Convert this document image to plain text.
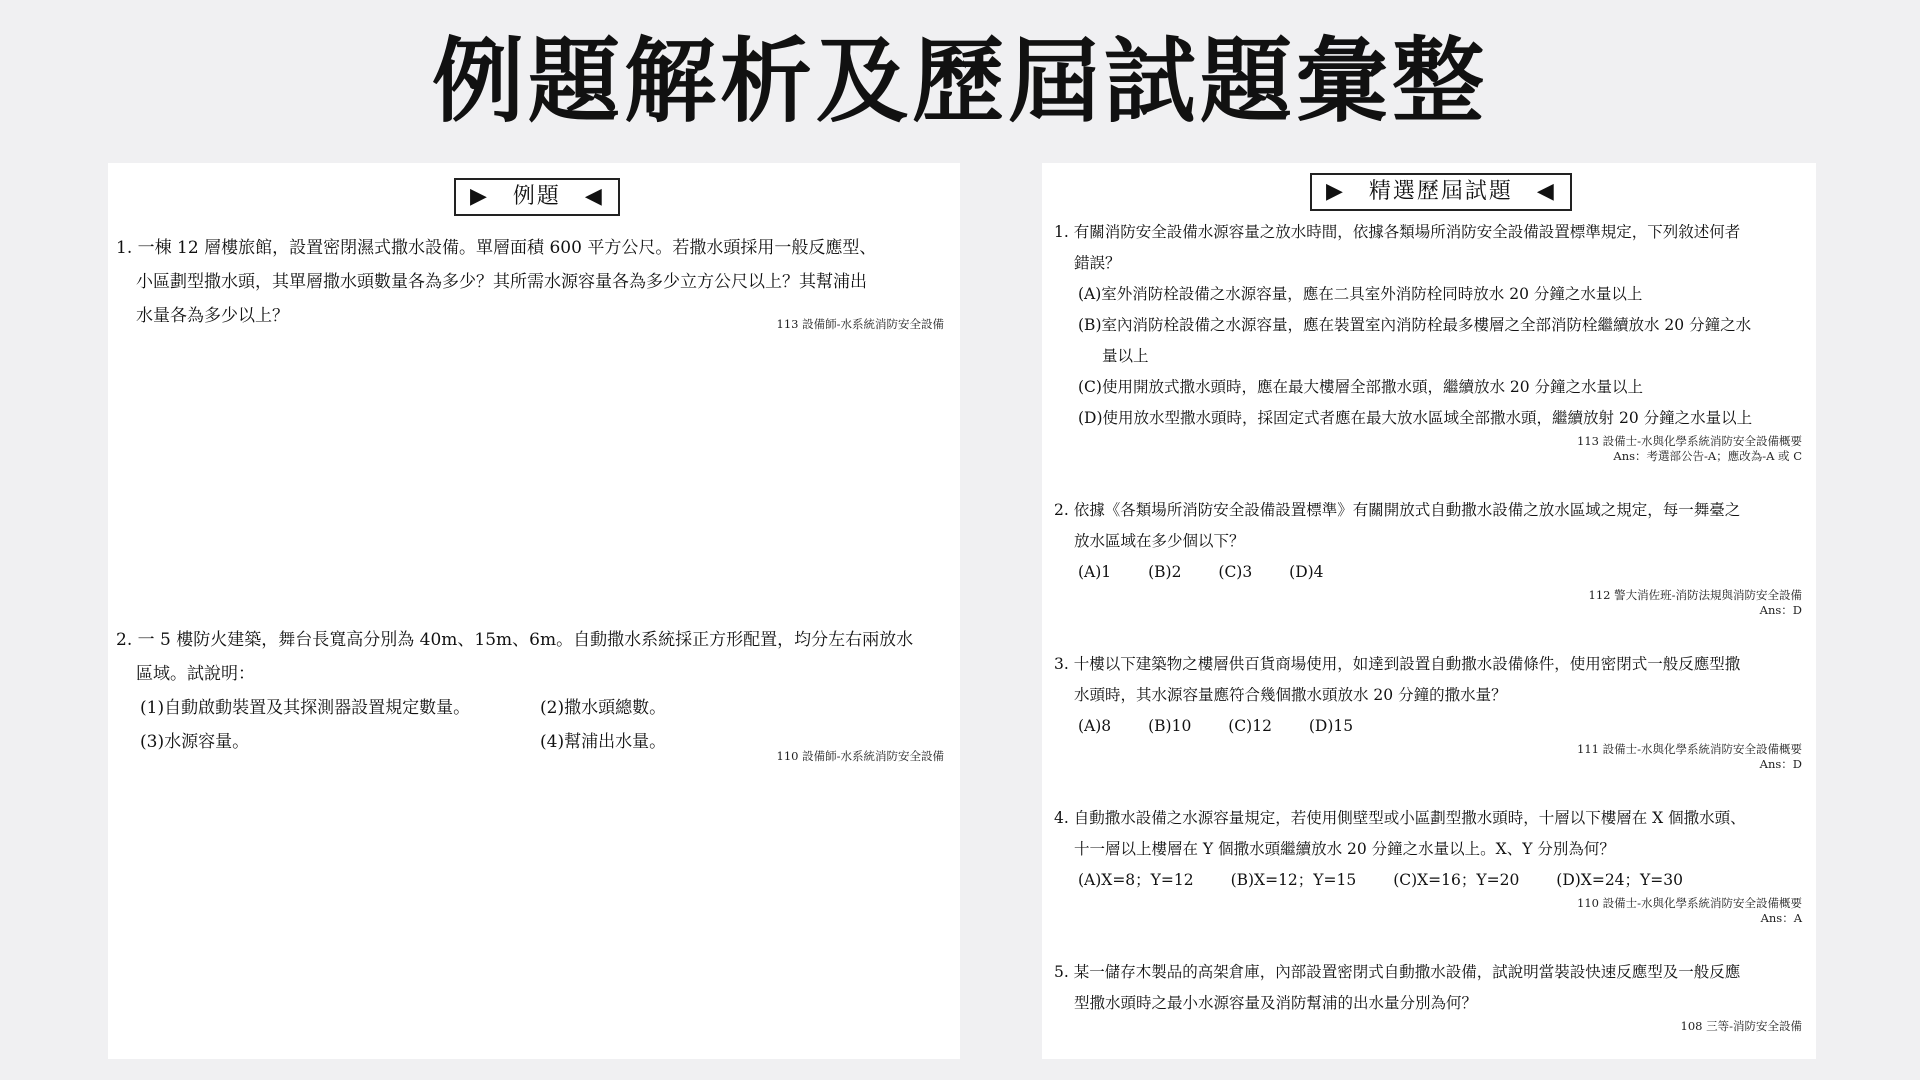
例題解析及歷屆試題彙整
▶　例題　◀
1. 一棟 12 層樓旅館，設置密閉濕式撒水設備。單層面積 600 平方公尺。若撒水頭採用一般反應型、
小區劃型撒水頭，其單層撒水頭數量各為多少？其所需水源容量各為多少立方公尺以上？其幫浦出
水量各為多少以上？	113 設備師-水系統消防安全設備
2. 一 5 樓防火建築，舞台長寬高分別為 40m、15m、6m。自動撒水系統採正方形配置，均分左右兩放水
區域。試說明：
(1)自動啟動裝置及其探測器設置規定數量。	(2)撒水頭總數。
(3)水源容量。	(4)幫浦出水量。
110 設備師-水系統消防安全設備
▶　精選歷屆試題　◀
1. 有關消防安全設備水源容量之放水時間，依據各類場所消防安全設備設置標準規定，下列敘述何者
錯誤？
(A)室外消防栓設備之水源容量，應在二具室外消防栓同時放水 20 分鐘之水量以上
(B)室內消防栓設備之水源容量，應在裝置室內消防栓最多樓層之全部消防栓繼續放水 20 分鐘之水
量以上
(C)使用開放式撒水頭時，應在最大樓層全部撒水頭，繼續放水 20 分鐘之水量以上
(D)使用放水型撒水頭時，採固定式者應在最大放水區域全部撒水頭，繼續放射 20 分鐘之水量以上
113 設備士-水與化學系統消防安全設備概要
Ans：考選部公告-A；應改為-A 或 C
2. 依據《各類場所消防安全設備設置標準》有關開放式自動撒水設備之放水區域之規定，每一舞臺之
放水區域在多少個以下？
(A)1 (B)2 (C)3 (D)4
112 警大消佐班-消防法規與消防安全設備
Ans：D
3. 十樓以下建築物之樓層供百貨商場使用，如達到設置自動撒水設備條件，使用密閉式一般反應型撒
水頭時，其水源容量應符合幾個撒水頭放水 20 分鐘的撒水量？
(A)8 (B)10 (C)12 (D)15
111 設備士-水與化學系統消防安全設備概要
Ans：D
4. 自動撒水設備之水源容量規定，若使用側壁型或小區劃型撒水頭時，十層以下樓層在 X 個撒水頭、
十一層以上樓層在 Y 個撒水頭繼續放水 20 分鐘之水量以上。X、Y 分別為何？
(A)X=8；Y=12 (B)X=12；Y=15 (C)X=16；Y=20 (D)X=24；Y=30
110 設備士-水與化學系統消防安全設備概要
Ans：A
5. 某一儲存木製品的高架倉庫，內部設置密閉式自動撒水設備，試說明當裝設快速反應型及一般反應
型撒水頭時之最小水源容量及消防幫浦的出水量分別為何？
108 三等-消防安全設備
